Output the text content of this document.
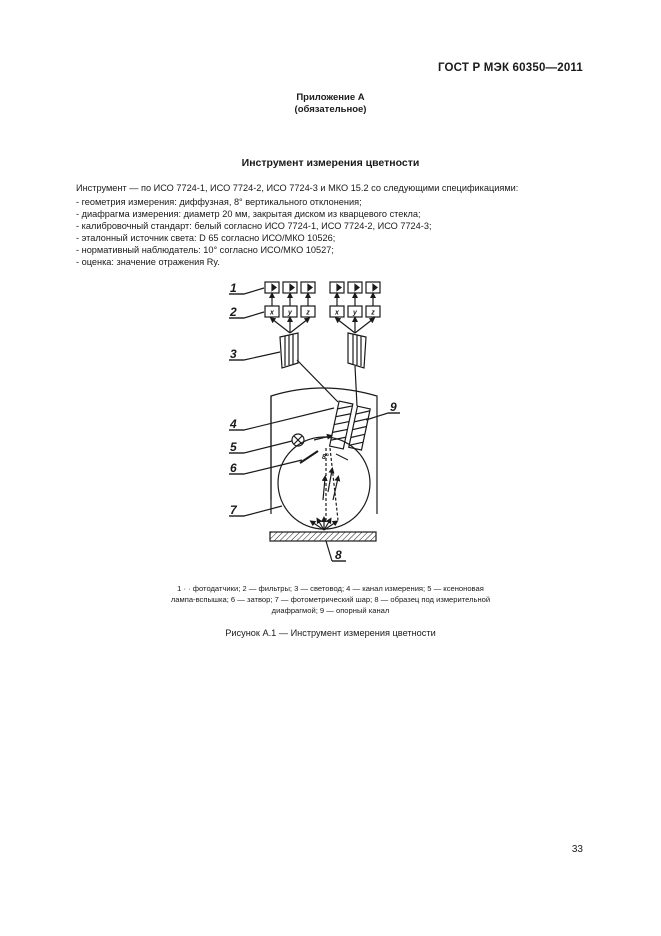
ГОСТ Р МЭК 60350—2011
Приложение А
(обязательное)
Инструмент измерения цветности
Инструмент — по ИСО 7724-1, ИСО 7724-2, ИСО 7724-3 и МКО 15.2 со следующими спецификациями:
- геометрия измерения: диффузная, 8° вертикального отклонения;
- диафрагма измерения: диаметр 20 мм, закрытая диском из кварцевого стекла;
- калибровочный стандарт: белый согласно ИСО 7724-1, ИСО 7724-2, ИСО 7724-3;
- эталонный источник света: D 65 согласно ИСО/МКО 10526;
- нормативный наблюдатель: 10° согласно ИСО/МКО 10527;
- оценка: значение отражения Ry.
x y z	x y z
8°
1
2
3
4
5
6
7
8
9
1 · · фотодатчики; 2 — фильтры; 3 — световод; 4 — канал измерения; 5 — ксеноновая
лампа-вспышка; 6 — затвор; 7 — фотометрический шар; 8 — образец под измерительной
диафрагмой; 9 — опорный канал
Рисунок А.1 — Инструмент измерения цветности
33
